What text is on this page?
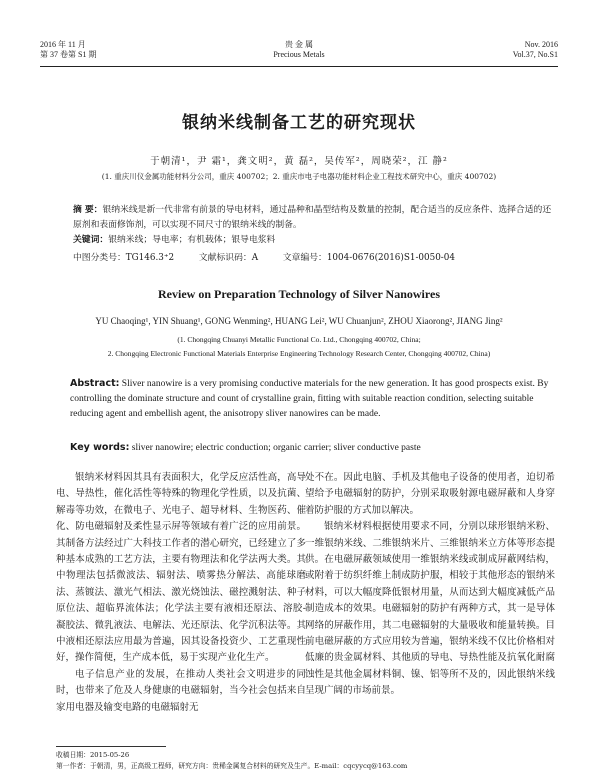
2016 年 11 月
第 37 卷第 S1 期
贵 金 属
Precious Metals
Nov. 2016
Vol.37, No.S1
银纳米线制备工艺的研究现状
于朝清¹，尹 霜¹，龚文明²，黄 磊²，吴传军²，周晓荣²，江 静²
(1. 重庆川仪金属功能材料分公司，重庆 400702；2. 重庆市电子电器功能材料企业工程技术研究中心，重庆 400702)
摘 要：银纳米线是新一代非常有前景的导电材料，通过晶种和晶型结构及数量的控制，配合适当的反应条件、选择合适的还原剂和表面修饰剂，可以实现不同尺寸的银纳米线的制备。
关键词：银纳米线；导电率；有机载体；银导电浆料
中图分类号：TG146.3⁺2	文献标识码：A	文章编号：1004-0676(2016)S1-0050-04
Review on Preparation Technology of Silver Nanowires
YU Chaoqing¹, YIN Shuang¹, GONG Wenming², HUANG Lei², WU Chuanjun², ZHOU Xiaorong², JIANG Jing²
(1. Chongqing Chuanyi Metallic Functional Co. Ltd., Chongqing 400702, China;
2. Chongqing Electronic Functional Materials Enterprise Engineering Technology Research Center, Chongqing 400702, China)
Abstract: Sliver nanowire is a very promising conductive materials for the new generation. It has good prospects exist. By controlling the dominate structure and count of crystalline grain, fitting with suitable reaction condition, selecting suitable reducing agent and embellish agent, the anisotropy sliver nanowires can be made.
Key words: sliver nanowire; electric conduction; organic carrier; sliver conductive paste

银纳米材料因其具有表面积大，化学反应活性高，高导电、导热性，催化活性等特殊的物理化学性质，以及抗菌、解毒等功效，在微电子、光电子、超导材料、生物医药、催化、防电磁辐射及柔性显示屏等领域有着广泛的应用前景。其制备方法经过广大科技工作者的潜心研究，已经建立了多种基本成熟的工艺方法，主要有物理法和化学法两大类。其中物理法包括微波法、辐射法、喷雾热分解法、高能球磨法、蒸镀法、激光气相法、激光烧蚀法、磁控溅射法、种子原位法、超临界流体法；化学法主要有液相还原法、溶胶-凝胶法、微乳液法、电解法、光还原法、化学沉积法等。其中液相还原法应用最为普遍，因其设备投资少、工艺重现性好，操作简便，生产成本低，易于实现产业化生产。

电子信息产业的发展，在推动人类社会文明进步的同时，也带来了危及人身健康的电磁辐射，当今社会包括来自家用电器及输变电路的电磁辐射无

处不在。因此电脑、手机及其他电子设备的使用者，迫切希望给予电磁辐射的防护，分别采取吸射源电磁屏蔽和人身穿着防护服的方式加以解决。

银纳米材料根据使用要求不同，分别以球形银纳米粉、一维银纳米线、二维银纳米片、三维银纳米立方体等形态提供。在电磁屏蔽领域使用一维银纳米线或制成屏蔽网结构，或附着于纺织纤维上制成防护服，相较于其他形态的银纳米材料，可以大幅度降低银材用量，从而达到大幅度减低产品制造成本的效果。电磁辐射的防护有两种方式，其一是导体网络的屏蔽作用，其二电磁辐射的大量吸收和能量转换。目前电磁屏蔽的方式应用较为普遍，银纳米线不仅比价格相对低廉的贵金属材料、其他质的导电、导热性能及抗氧化耐腐蚀性是其他金属材料铜、镍、铝等所不及的，因此银纳米线呈现广阔的市场前景。

收稿日期：2015-05-26
第一作者：于朝清，男，正高级工程师，研究方向：贵稀金属复合材料的研究及生产。E-mail：cqcyycq@163.com
